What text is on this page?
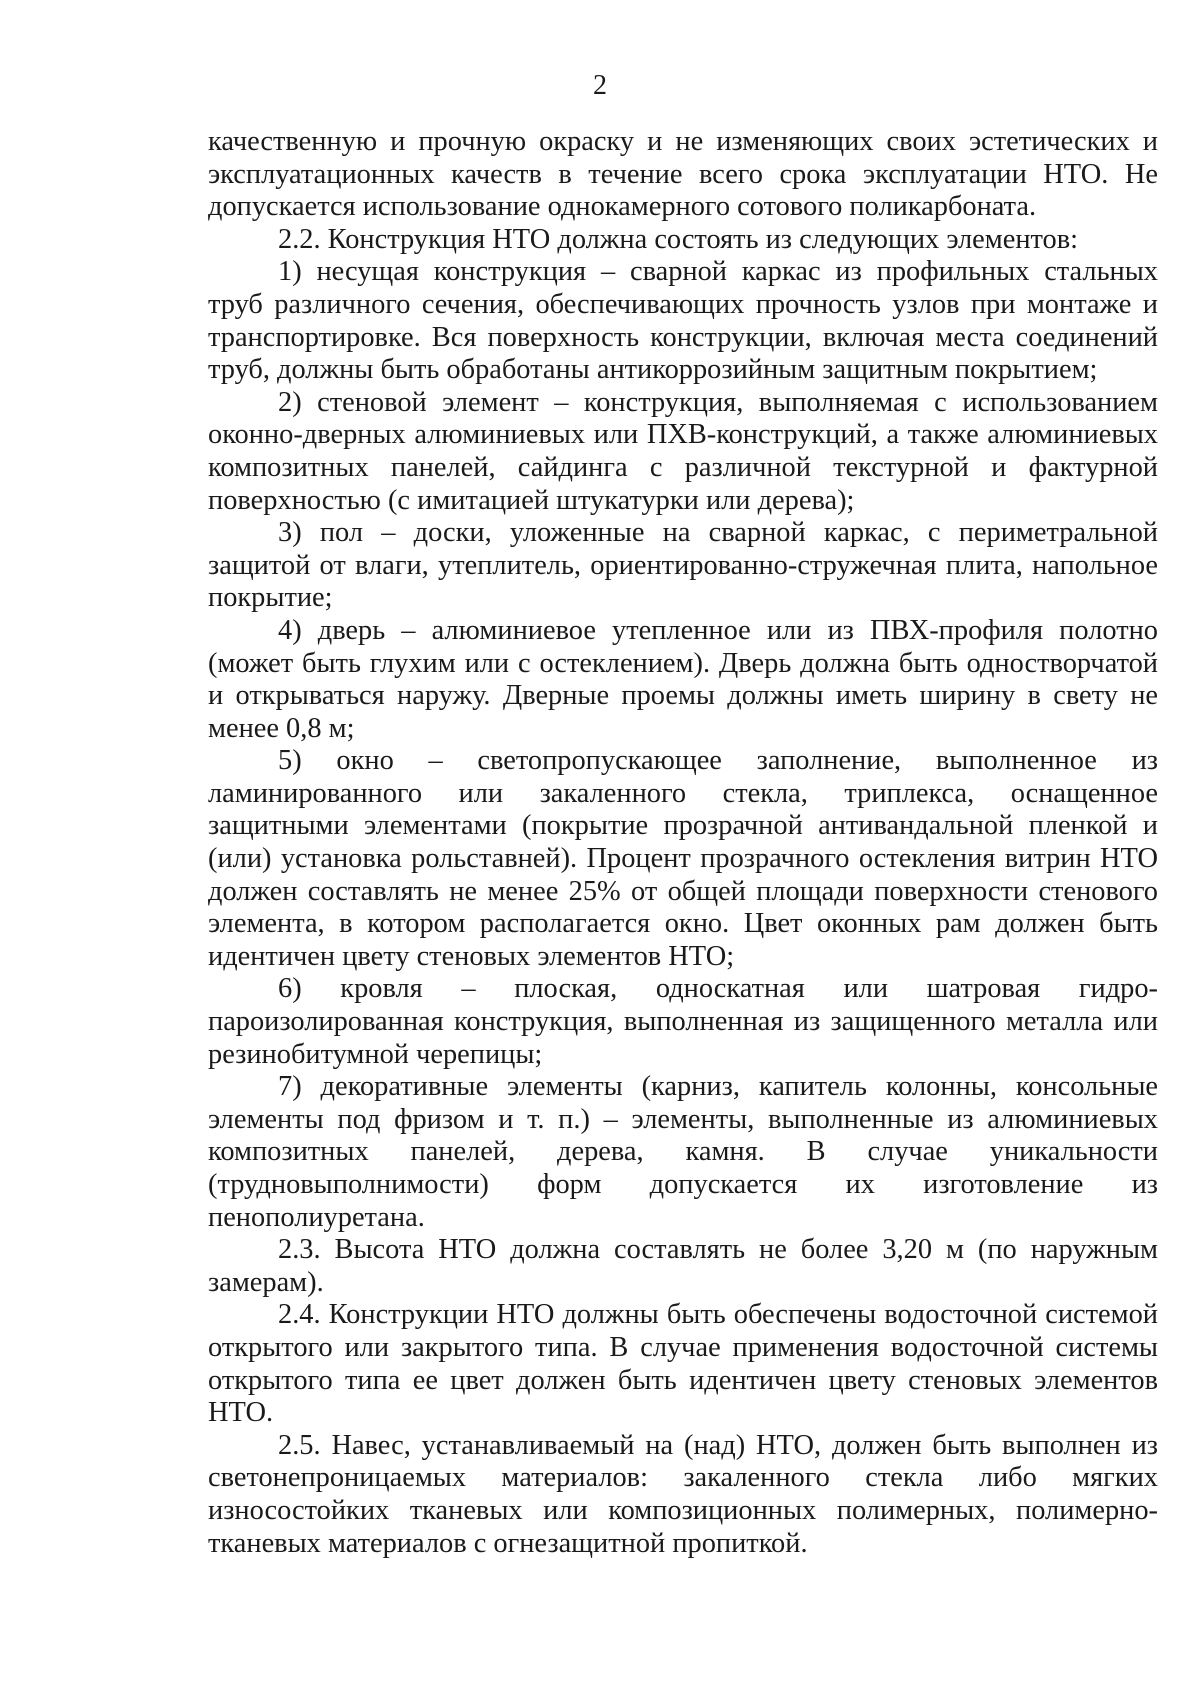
2

качественную и прочную окраску и не изменяющих своих эстетических и эксплуатационных качеств в течение всего срока эксплуатации НТО. Не допускается использование однокамерного сотового поликарбоната.

2.2. Конструкция НТО должна состоять из следующих элементов:

1) несущая конструкция – сварной каркас из профильных стальных труб различного сечения, обеспечивающих прочность узлов при монтаже и транспортировке. Вся поверхность конструкции, включая места соединений труб, должны быть обработаны антикоррозийным защитным покрытием;

2) стеновой элемент – конструкция, выполняемая с использованием оконно-дверных алюминиевых или ПХВ-конструкций, а также алюминиевых композитных панелей, сайдинга с различной текстурной и фактурной поверхностью (с имитацией штукатурки или дерева);

3) пол – доски, уложенные на сварной каркас, с периметральной защитой от влаги, утеплитель, ориентированно-стружечная плита, напольное покрытие;

4) дверь – алюминиевое утепленное или из ПВХ-профиля полотно (может быть глухим или с остеклением). Дверь должна быть одностворчатой и открываться наружу. Дверные проемы должны иметь ширину в свету не менее 0,8 м;

5) окно – светопропускающее заполнение, выполненное из ламинированного или закаленного стекла, триплекса, оснащенное защитными элементами (покрытие прозрачной антивандальной пленкой и (или) установка рольставней). Процент прозрачного остекления витрин НТО должен составлять не менее 25% от общей площади поверхности стенового элемента, в котором располагается окно. Цвет оконных рам должен быть идентичен цвету стеновых элементов НТО;

6) кровля – плоская, односкатная или шатровая гидро-пароизолированная конструкция, выполненная из защищенного металла или резинобитумной черепицы;

7) декоративные элементы (карниз, капитель колонны, консольные элементы под фризом и т. п.) – элементы, выполненные из алюминиевых композитных панелей, дерева, камня. В случае уникальности (трудновыполнимости) форм допускается их изготовление из пенополиуретана.

2.3. Высота НТО должна составлять не более 3,20 м (по наружным замерам).

2.4. Конструкции НТО должны быть обеспечены водосточной системой открытого или закрытого типа. В случае применения водосточной системы открытого типа ее цвет должен быть идентичен цвету стеновых элементов НТО.

2.5. Навес, устанавливаемый на (над) НТО, должен быть выполнен из светонепроницаемых материалов: закаленного стекла либо мягких износостойких тканевых или композиционных полимерных, полимерно-тканевых материалов с огнезащитной пропиткой.
